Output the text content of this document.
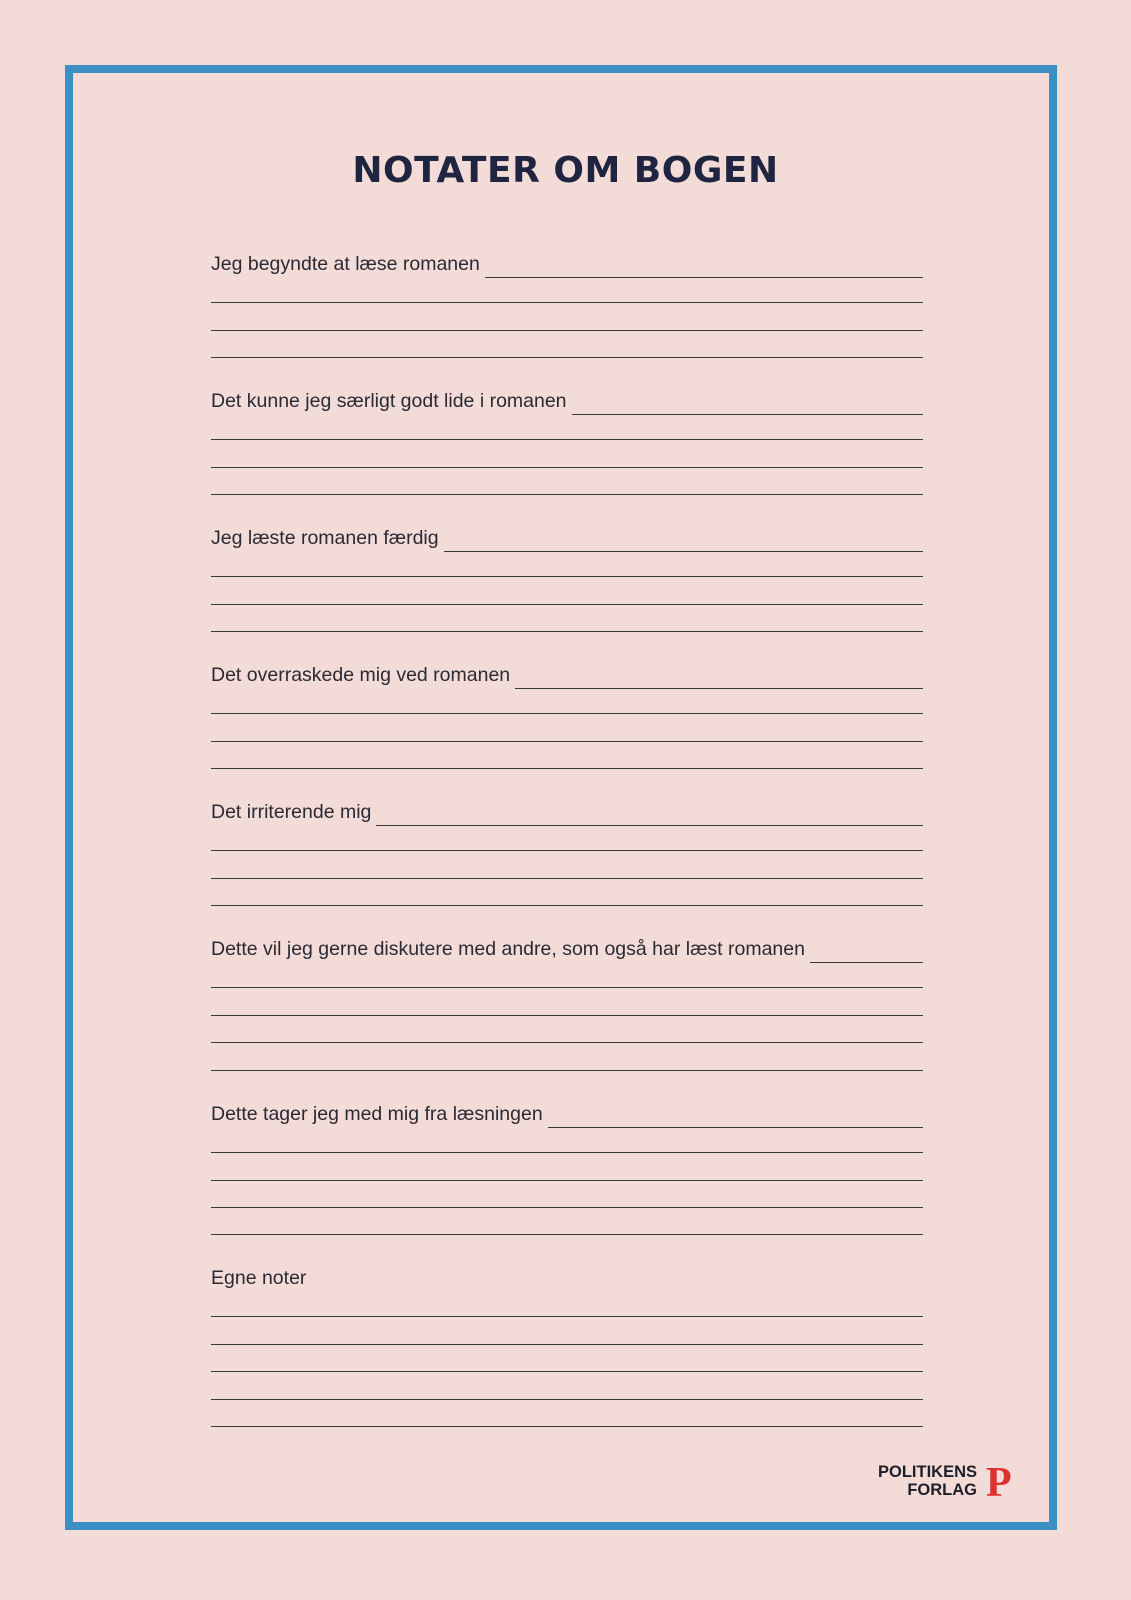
NOTATER OM BOGEN
Jeg begyndte at læse romanen
Det kunne jeg særligt godt lide i romanen
Jeg læste romanen færdig
Det overraskede mig ved romanen
Det irriterende mig
Dette vil jeg gerne diskutere med andre, som også har læst romanen
Dette tager jeg med mig fra læsningen
Egne noter
POLITIKENS
FORLAG P
